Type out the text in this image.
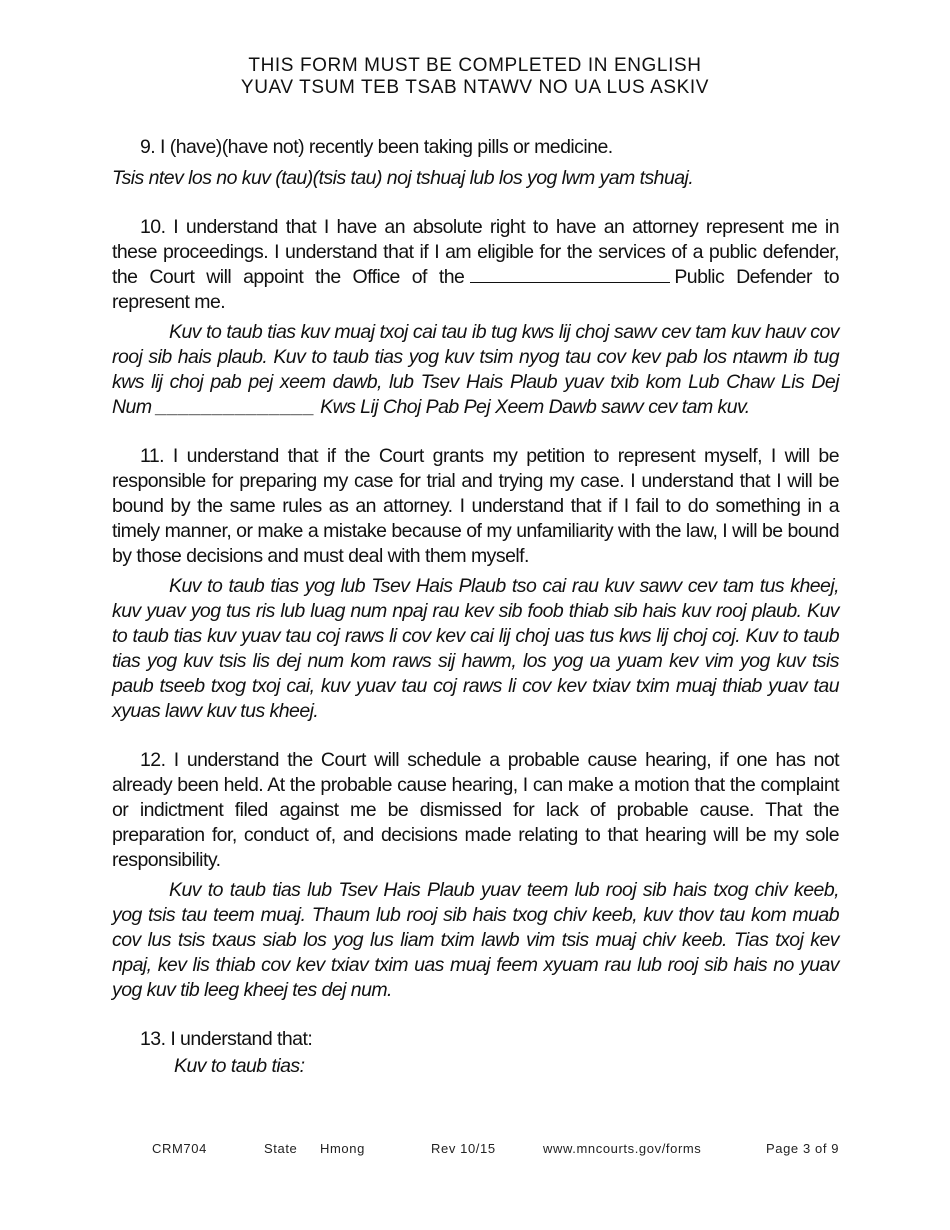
THIS FORM MUST BE COMPLETED IN ENGLISH
YUAV TSUM TEB TSAB NTAWV NO UA LUS ASKIV

9. I (have)(have not) recently been taking pills or medicine.

Tsis ntev los no kuv (tau)(tsis tau) noj tshuaj lub los yog lwm yam tshuaj.

10. I understand that I have an absolute right to have an attorney represent me in these proceedings. I understand that if I am eligible for the services of a public defender, the Court will appoint the Office of the	Public Defender to represent me.

Kuv to taub tias kuv muaj txoj cai tau ib tug kws lij choj sawv cev tam kuv hauv cov rooj sib hais plaub. Kuv to taub tias yog kuv tsim nyog tau cov kev pab los ntawm ib tug kws lij choj pab pej xeem dawb, lub Tsev Hais Plaub yuav txib kom Lub Chaw Lis Dej Num ______________ Kws Lij Choj Pab Pej Xeem Dawb sawv cev tam kuv.

11. I understand that if the Court grants my petition to represent myself, I will be responsible for preparing my case for trial and trying my case. I understand that I will be bound by the same rules as an attorney. I understand that if I fail to do something in a timely manner, or make a mistake because of my unfamiliarity with the law, I will be bound by those decisions and must deal with them myself.

Kuv to taub tias yog lub Tsev Hais Plaub tso cai rau kuv sawv cev tam tus kheej, kuv yuav yog tus ris lub luag num npaj rau kev sib foob thiab sib hais kuv rooj plaub. Kuv to taub tias kuv yuav tau coj raws li cov kev cai lij choj uas tus kws lij choj coj. Kuv to taub tias yog kuv tsis lis dej num kom raws sij hawm, los yog ua yuam kev vim yog kuv tsis paub tseeb txog txoj cai, kuv yuav tau coj raws li cov kev txiav txim muaj thiab yuav tau xyuas lawv kuv tus kheej.

12. I understand the Court will schedule a probable cause hearing, if one has not already been held. At the probable cause hearing, I can make a motion that the complaint or indictment filed against me be dismissed for lack of probable cause. That the preparation for, conduct of, and decisions made relating to that hearing will be my sole responsibility.

Kuv to taub tias lub Tsev Hais Plaub yuav teem lub rooj sib hais txog chiv keeb, yog tsis tau teem muaj. Thaum lub rooj sib hais txog chiv keeb, kuv thov tau kom muab cov lus tsis txaus siab los yog lus liam txim lawb vim tsis muaj chiv keeb. Tias txoj kev npaj, kev lis thiab cov kev txiav txim uas muaj feem xyuam rau lub rooj sib hais no yuav yog kuv tib leeg kheej tes dej num.

13. I understand that:

Kuv to taub tias:

CRM704	State Hmong	Rev 10/15	www.mncourts.gov/forms	Page 3 of 9
